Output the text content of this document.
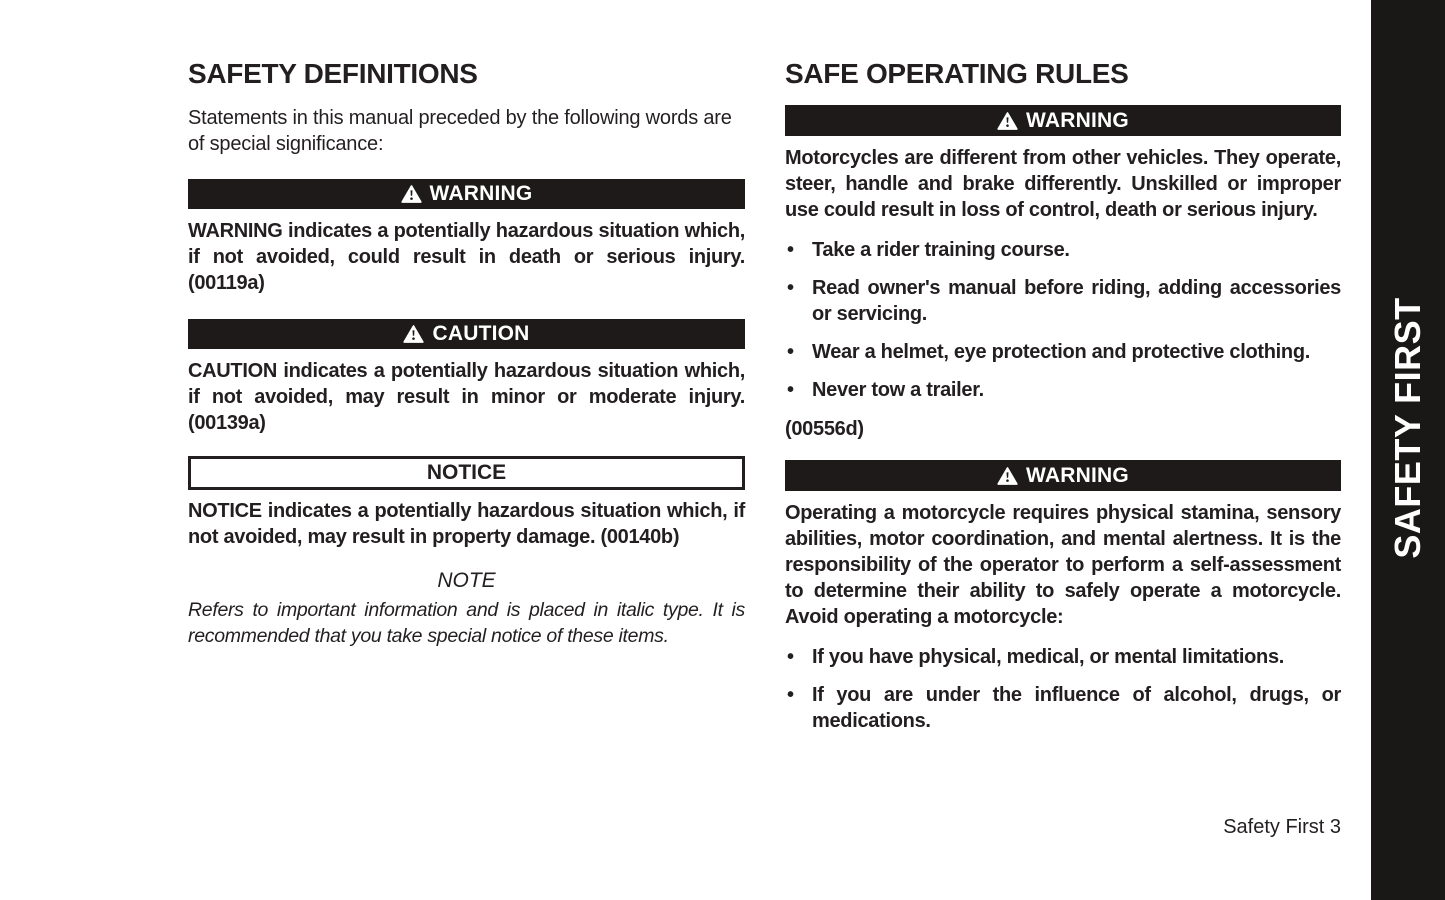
SAFETY DEFINITIONS

Statements in this manual preceded by the following words are of special significance:

WARNING

WARNING indicates a potentially hazardous situation which, if not avoided, could result in death or serious injury. (00119a)

CAUTION

CAUTION indicates a potentially hazardous situation which, if not avoided, may result in minor or moderate injury. (00139a)

NOTICE

NOTICE indicates a potentially hazardous situation which, if not avoided, may result in property damage. (00140b)

NOTE

Refers to important information and is placed in italic type. It is recommended that you take special notice of these items.

SAFE OPERATING RULES
WARNING

Motorcycles are different from other vehicles. They operate, steer, handle and brake differently. Unskilled or improper use could result in loss of control, death or serious injury.

• Take a rider training course.
• Read owner's manual before riding, adding accessories or servicing.
• Wear a helmet, eye protection and protective clothing.
• Never tow a trailer.

(00556d)

WARNING

Operating a motorcycle requires physical stamina, sensory abilities, motor coordination, and mental alertness. It is the responsibility of the operator to perform a self-assessment to determine their ability to safely operate a motorcycle. Avoid operating a motorcycle:

• If you have physical, medical, or mental limitations.
• If you are under the influence of alcohol, drugs, or medications.
Safety First 3
SAFETY FIRST
